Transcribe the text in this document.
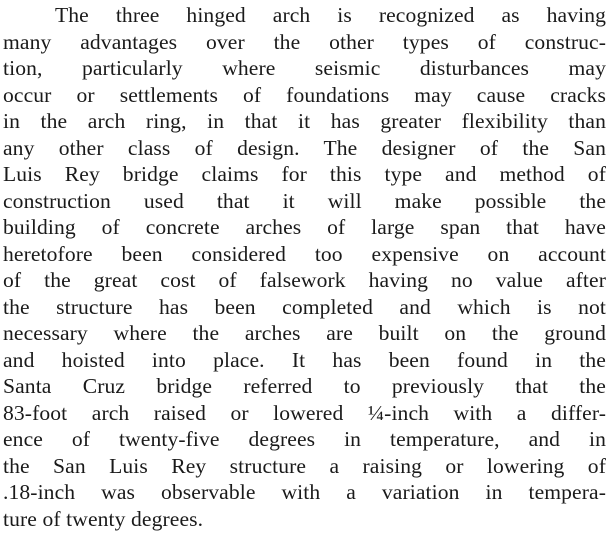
The three hinged arch is recognized as having
many advantages over the other types of construc-
tion, particularly where seismic disturbances may
occur or settlements of foundations may cause cracks
in the arch ring, in that it has greater flexibility than
any other class of design. The designer of the San
Luis Rey bridge claims for this type and method of
construction used that it will make possible the
building of concrete arches of large span that have
heretofore been considered too expensive on account
of the great cost of falsework having no value after
the structure has been completed and which is not
necessary where the arches are built on the ground
and hoisted into place. It has been found in the
Santa Cruz bridge referred to previously that the
83-foot arch raised or lowered ¼-inch with a differ-
ence of twenty-five degrees in temperature, and in
the San Luis Rey structure a raising or lowering of
.18-inch was observable with a variation in tempera-
ture of twenty degrees.
